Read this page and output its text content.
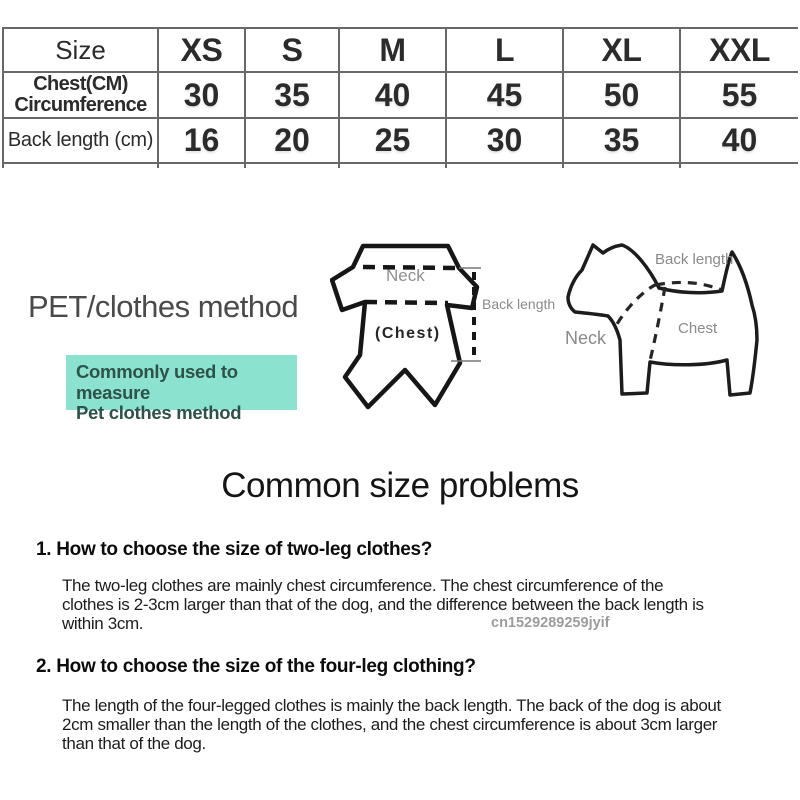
Size	XS	S	M	L	XL	XXL

Chest(CM)
Circumference	30	35	40	45	50	55
Back length (cm)	16	20	25	30	35	40

PET/clothes method
Commonly used to measure
Pet clothes method
Neck
(Chest)
Back length
Back length
Neck	Chest
Common size problems

1. How to choose the size of two-leg clothes?

The two-leg clothes are mainly chest circumference. The chest circumference of the
clothes is 2-3cm larger than that of the dog, and the difference between the back length is
within 3cm.	cn1529289259jyif

2. How to choose the size of the four-leg clothing?

The length of the four-legged clothes is mainly the back length. The back of the dog is about
2cm smaller than the length of the clothes, and the chest circumference is about 3cm larger
than that of the dog.
